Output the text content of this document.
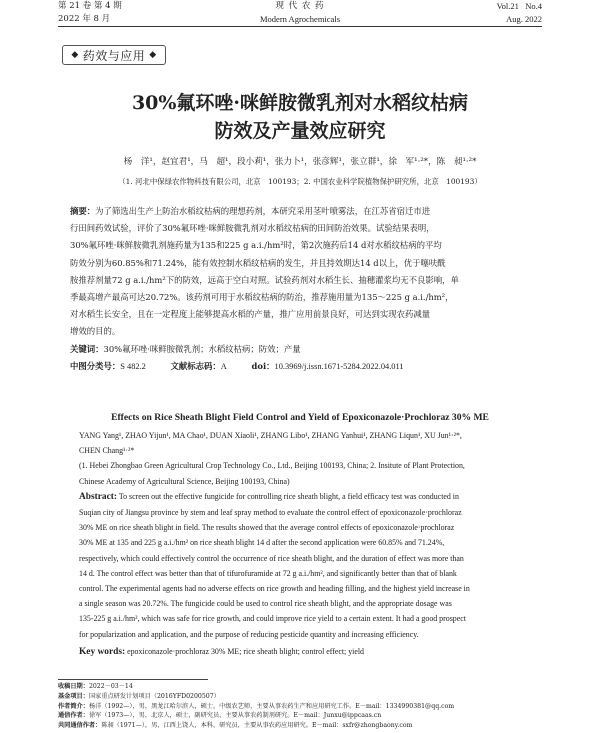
第 21 卷 第 4 期
2022 年 8 月
现 代 农 药
Modern Agrochemicals
Vol.21   No.4
Aug. 2022
◆ 药效与应用 ◆
30%氟环唑·咪鲜胺微乳剂对水稻纹枯病
防效及产量效应研究
杨　洋¹，赵宜君¹，马　超¹，段小莉¹，张力卜¹，张彦辉¹，张立群¹，徐　军¹·²*，陈　昶¹·²*
（1. 河北中保绿农作物科技有限公司，北京　100193；2. 中国农业科学院植物保护研究所，北京　100193）
摘要：为了筛选出生产上防治水稻纹枯病的理想药剂，本研究采用茎叶喷雾法，在江苏省宿迁市进
行田间药效试验，评价了30%氟环唑·咪鲜胺微乳剂对水稻纹枯病的田间防治效果。试验结果表明，
30%氟环唑·咪鲜胺微乳剂施药量为135和225 g a.i./hm²时，第2次施药后14 d对水稻纹枯病的平均
防效分别为60.85%和71.24%，能有效控制水稻纹枯病的发生，并且持效期达14 d以上，优于噻呋酰
胺推荐剂量72 g a.i./hm²下的防效，远高于空白对照。试验药剂对水稻生长、抽穗灌浆均无不良影响，单
季最高增产最高可达20.72%。该药剂可用于水稻纹枯病的防治，推荐施用量为135～225 g a.i./hm²，
对水稻生长安全，且在一定程度上能够提高水稻的产量，推广应用前景良好，可达到实现农药减量
增效的目的。
关键词：30%氟环唑·咪鲜胺微乳剂；水稻纹枯病；防效；产量
中图分类号：S 482.2	文献标志码：A	doi：10.3969/j.issn.1671-5284.2022.04.011
Effects on Rice Sheath Blight Field Control and Yield of Epoxiconazole·Prochloraz 30% ME
YANG Yang¹, ZHAO Yijun¹, MA Chao¹, DUAN Xiaoli¹, ZHANG Libo¹, ZHANG Yanhui¹, ZHANG Liqun¹, XU Jun¹·²*,
CHEN Chang¹·²*
(1. Hebei Zhongbao Green Agricultural Crop Technology Co., Ltd., Beijing 100193, China; 2. Insitute of Plant Protection,
Chinese Academy of Agricultural Science, Beijing 100193, China)
Abstract: To screen out the effective fungicide for controlling rice sheath blight, a field efficacy test was conducted in
Suqian city of Jiangsu province by stem and leaf spray method to evaluate the control effect of epoxiconazole·prochloraz
30% ME on rice sheath blight in field. The results showed that the average control effects of epoxiconazole·prochloraz
30% ME at 135 and 225 g a.i./hm² on rice sheath blight 14 d after the second application were 60.85% and 71.24%,
respectively, which could effectively control the occurrence of rice sheath blight, and the duration of effect was more than
14 d. The control effect was better than that of tifurofuramide at 72 g a.i./hm², and significantly better than that of blank
control. The experimental agents had no adverse effects on rice growth and heading filling, and the highest yield increase in
a single season was 20.72%. The fungicide could be used to control rice sheath blight, and the appropriate dosage was
135-225 g a.i./hm², which was safe for rice growth, and could improve rice yield to a certain extent. It had a good prospect
for popularization and application, and the purpose of reducing pesticide quantity and increasing efficiency.
Key words: epoxiconazole·prochloraz 30% ME; rice sheath blight; control effect; yield
收稿日期：2022－03－14
基金项目：国家重点研发计划项目（2016YFD0200507）
作者简介：杨洋（1992—），男，黑龙江哈尔滨人，硕士，中级农艺师，主要从事农药生产和应用研究工作。E－mail：1334990381@qq.com
通信作者：徐军（1973—），男，北京人，硕士，副研究员，主要从事农药制剂研究。E－mail：Junxu@ippcaas.cn
共同通信作者：陈昶（1971—），男，江西上饶人，本科，研究员，主要从事农药应用研究。E－mail：sxfr@zhongbaony.com
